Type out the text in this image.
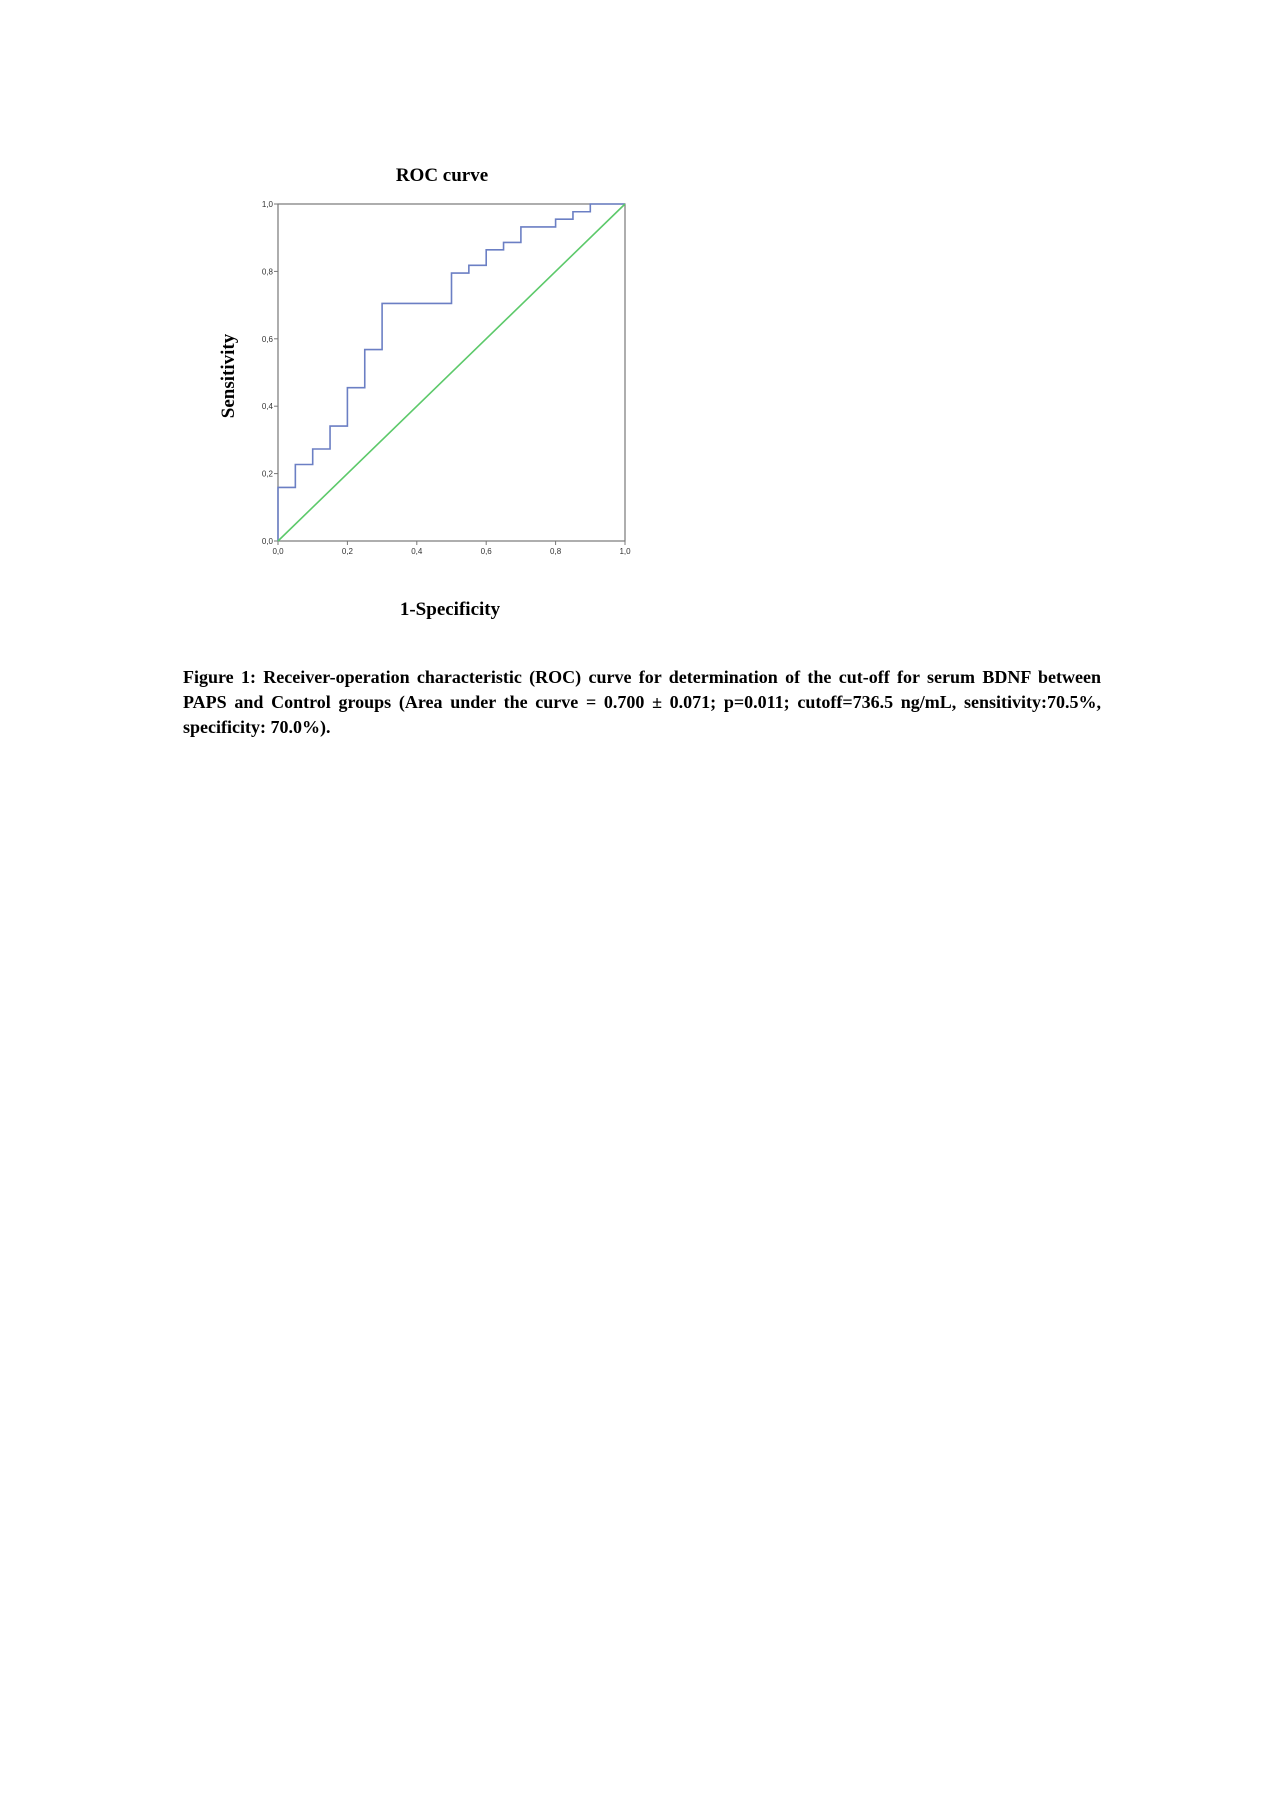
ROC curve
Sensitivity
1-Specificity
0,0	0,2	0,4	0,6	0,8	1,0
0,0
0,2
0,4
0,6
0,8
1,0

Figure 1: Receiver-operation characteristic (ROC) curve for determination of the cut-off for serum BDNF between PAPS and Control groups (Area under the curve = 0.700 ± 0.071; p=0.011; cutoff=736.5 ng/mL, sensitivity:70.5%, specificity: 70.0%).
